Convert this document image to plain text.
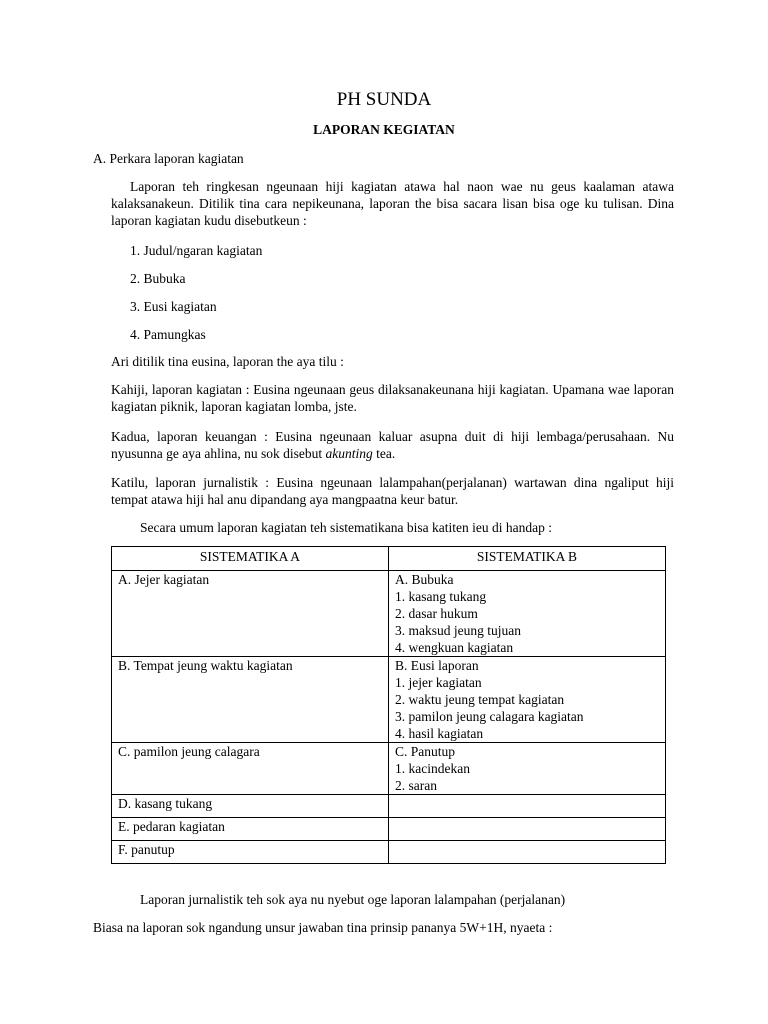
PH SUNDA
LAPORAN KEGIATAN
A. Perkara laporan kagiatan
Laporan teh ringkesan ngeunaan hiji kagiatan atawa hal naon wae nu geus kaalaman atawa kalaksanakeun. Ditilik tina cara nepikeunana, laporan the bisa sacara lisan bisa oge ku tulisan. Dina laporan kagiatan kudu disebutkeun :
1. Judul/ngaran kagiatan
2. Bubuka
3. Eusi kagiatan
4. Pamungkas
Ari ditilik tina eusina, laporan the aya tilu :
Kahiji, laporan kagiatan : Eusina ngeunaan geus dilaksanakeunana hiji kagiatan. Upamana wae laporan kagiatan piknik, laporan kagiatan lomba, jste.
Kadua, laporan keuangan : Eusina ngeunaan kaluar asupna duit di hiji lembaga/perusahaan. Nu nyusunna ge aya ahlina, nu sok disebut akunting tea.
Katilu, laporan jurnalistik : Eusina ngeunaan lalampahan(perjalanan) wartawan dina ngaliput hiji tempat atawa hiji hal anu dipandang aya mangpaatna keur batur.
Secara umum laporan kagiatan teh sistematikana bisa katiten ieu di handap :
SISTEMATIKA A	SISTEMATIKA B
A. Jejer kagiatan	A. Bubuka
1. kasang tukang
2. dasar hukum
3. maksud jeung tujuan
4. wengkuan kagiatan
B. Tempat jeung waktu kagiatan	B. Eusi laporan
1. jejer kagiatan
2. waktu jeung tempat kagiatan
3. pamilon jeung calagara kagiatan
4. hasil kagiatan
C. pamilon jeung calagara	C. Panutup
1. kacindekan
2. saran
D. kasang tukang	
E. pedaran kagiatan	
F. panutup	
Laporan jurnalistik teh sok aya nu nyebut oge laporan lalampahan (perjalanan)
Biasa na laporan sok ngandung unsur jawaban tina prinsip pananya 5W+1H, nyaeta :
